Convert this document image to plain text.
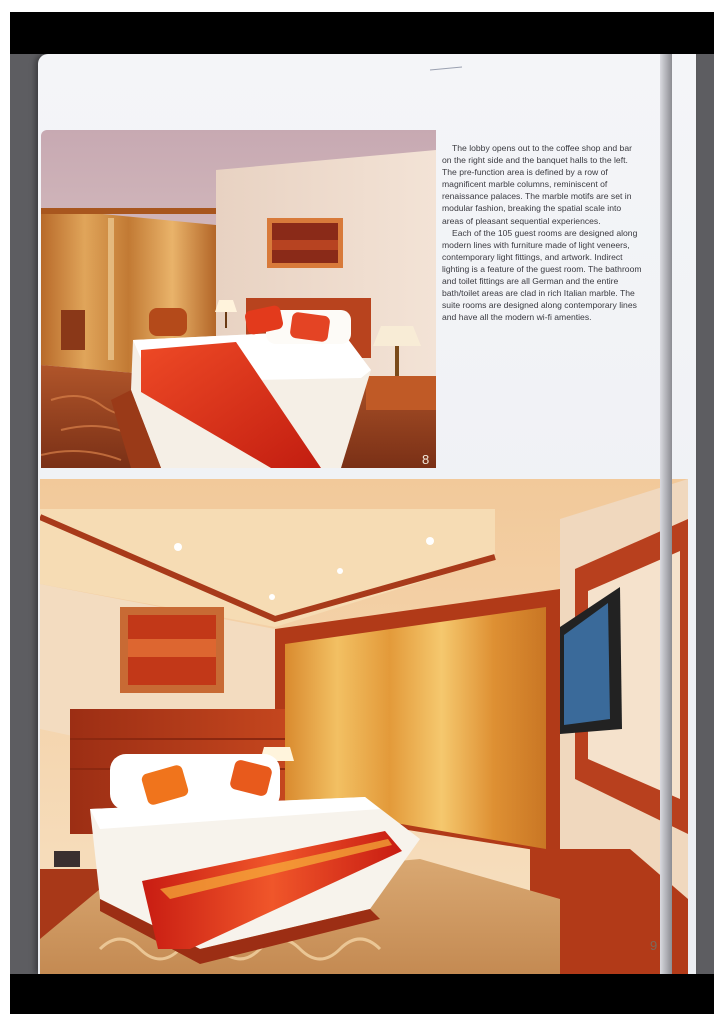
The lobby opens out to the coffee shop and bar on the right side and the banquet halls to the left. The pre-function area is defined by a row of magnificent marble columns, reminiscent of renaissance palaces. The marble motifs are set in modular fashion, breaking the spatial scale into areas of pleasant sequential experiences.

Each of the 105 guest rooms are designed along modern lines with furniture made of light veneers, contemporary light fittings, and artwork. Indirect lighting is a feature of the guest room. The bathroom and toilet fittings are all German and the entire bath/toilet areas are clad in rich Italian marble. The suite rooms are designed along contemporary lines and have all the modern wi-fi amenties.

8
9
